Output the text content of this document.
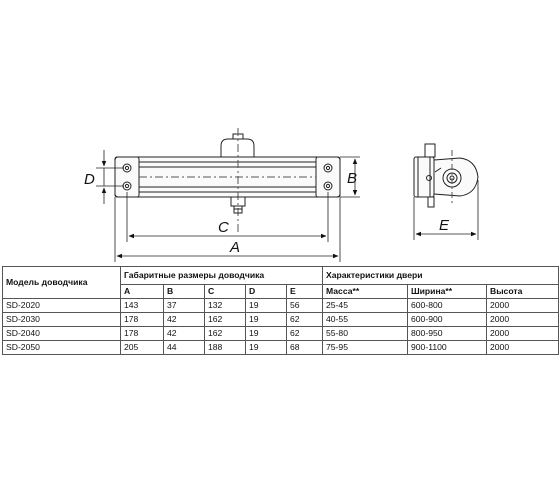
D	B
C
A
E
Модель доводчика	Габаритные размеры доводчика					Характеристики двери		
	A	B	C	D	E	Масса**	Ширина**	Высота
SD-2020	143	37	132	19	56	25-45	600-800	2000
SD-2030	178	42	162	19	62	40-55	600-900	2000
SD-2040	178	42	162	19	62	55-80	800-950	2000
SD-2050	205	44	188	19	68	75-95	900-1100	2000
